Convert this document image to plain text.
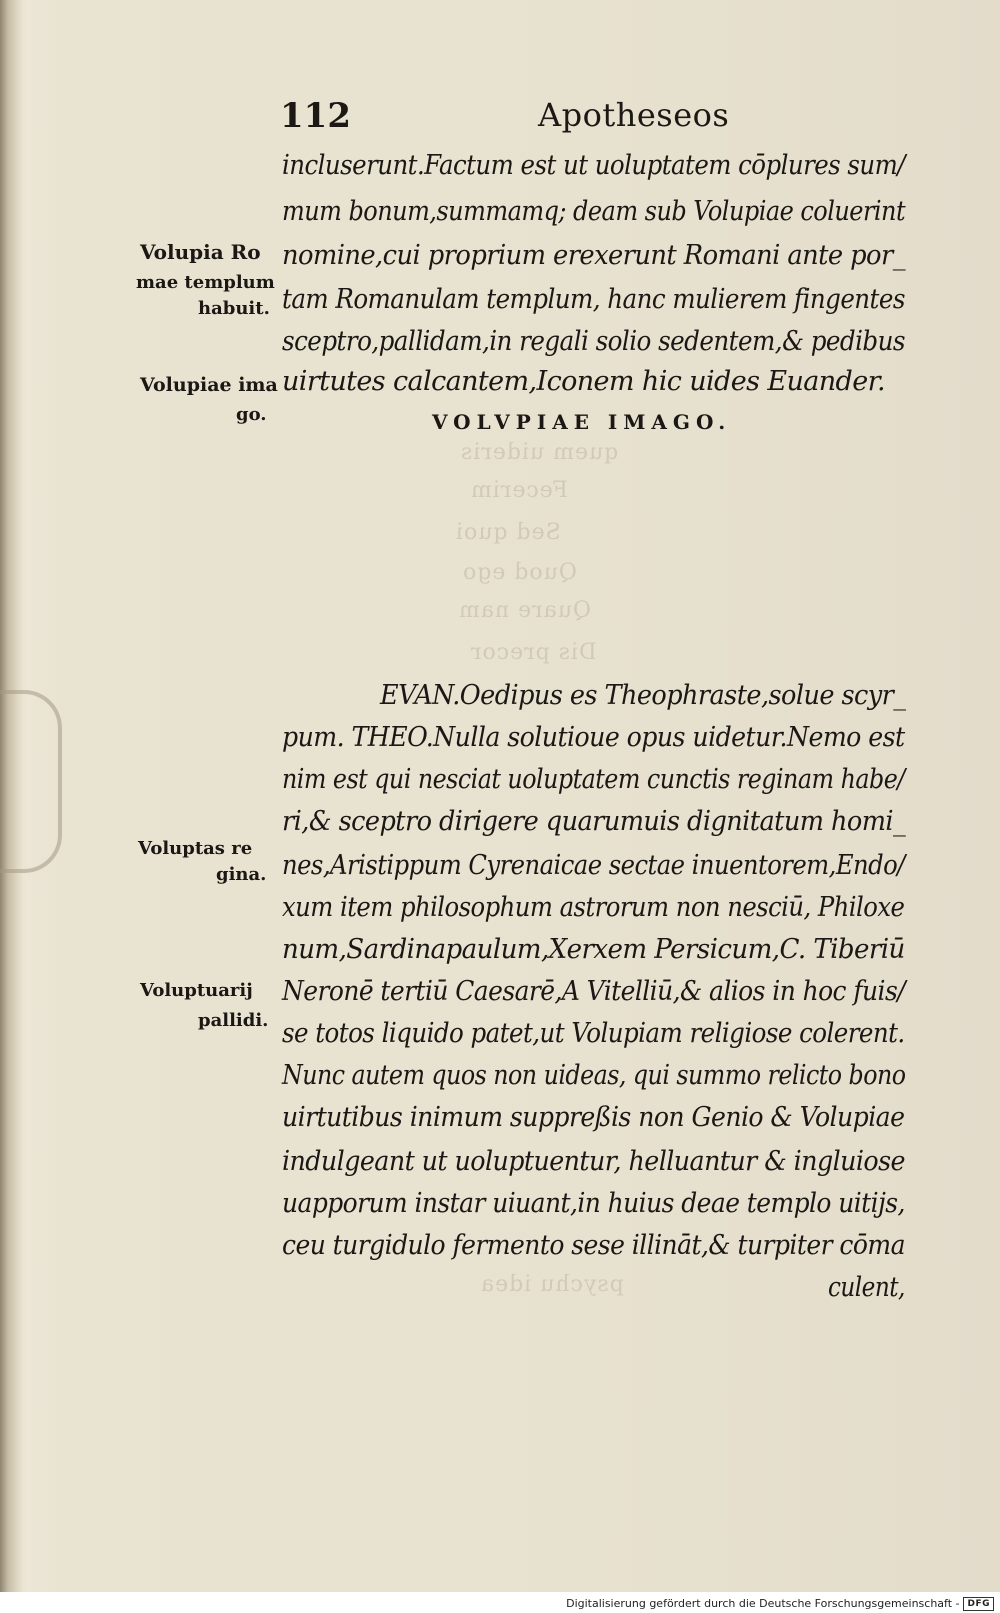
quem uideris
Fecerim
Sed quoi
Quod ego
Quare nam
Dis precor
psychu idea
112	Apotheseos
Volupia Ro
mae templum
habuit.
Volupiae ima
go.
Voluptas re
gina.
Voluptuarij
pallidi.
incluserunt.Factum est ut uoluptatem cōplures sum/
mum bonum,summamq; deam sub Volupiae coluerint
nomine,cui proprium erexerunt Romani ante por_
tam Romanulam templum, hanc mulierem fingentes
sceptro,pallidam,in regali solio sedentem,& pedibus
uirtutes calcantem,Iconem hic uides Euander.
VOLVPIAE IMAGO.
EVAN.Oedipus es Theophraste,solue scyr_
pum. THEO.Nulla solutioue opus uidetur.Nemo est
nim est qui nesciat uoluptatem cunctis reginam habe/
ri,& sceptro dirigere quarumuis dignitatum homi_
nes,Aristippum Cyrenaicae sectae inuentorem,Endo/
xum item philosophum astrorum non nesciū, Philoxe
num,Sardinapaulum,Xerxem Persicum,C. Tiberiū
Neronē tertiū Caesarē,A Vitelliū,& alios in hoc fuis/
se totos liquido patet,ut Volupiam religiose colerent.
Nunc autem quos non uideas, qui summo relicto bono
uirtutibus inimum suppreßis non Genio & Volupiae
indulgeant ut uoluptuentur, helluantur & ingluiose
uapporum instar uiuant,in huius deae templo uitijs,
ceu turgidulo fermento sese illināt,& turpiter cōma
culent,
Digitalisierung gefördert durch die Deutsche Forschungsgemeinschaft - DFG
